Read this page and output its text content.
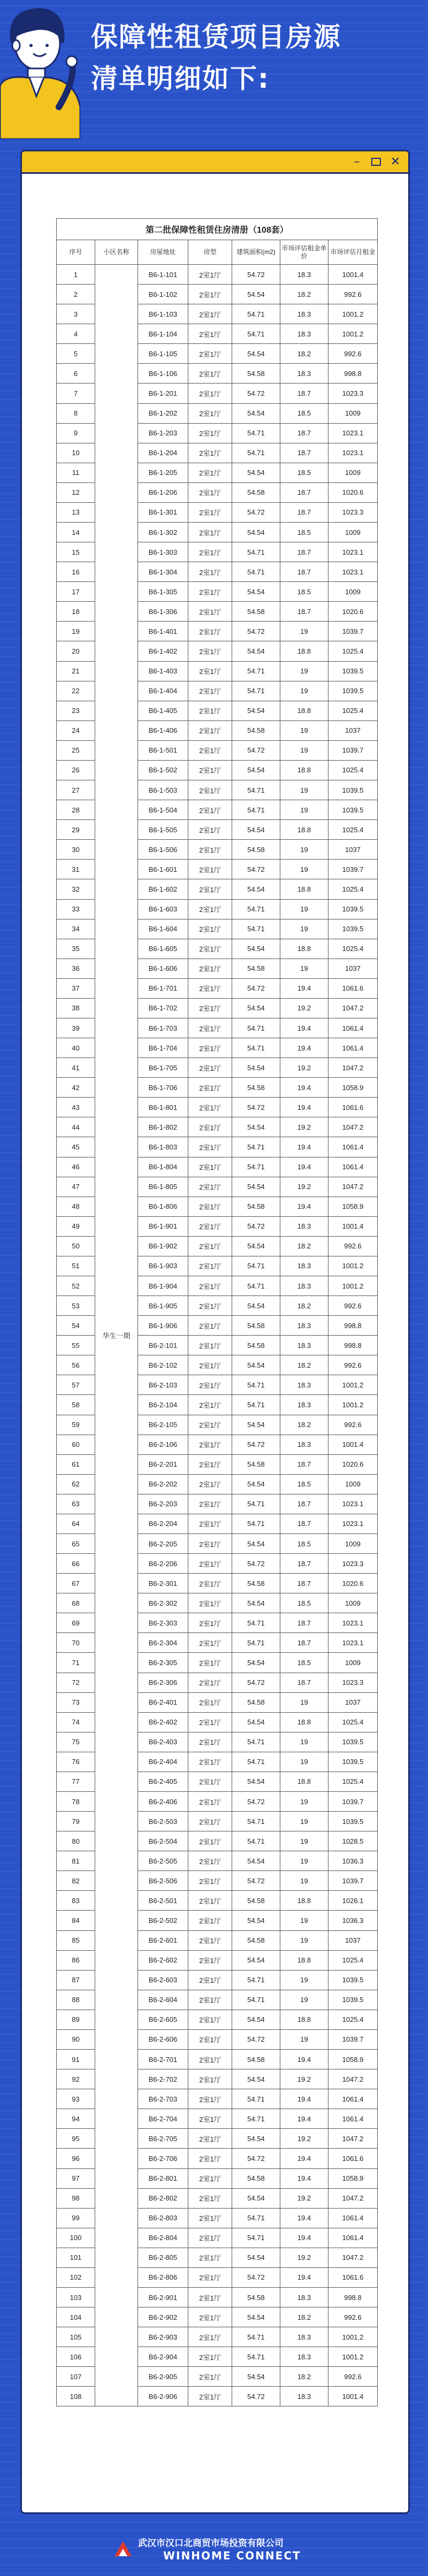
保障性租赁项目房源
清单明细如下:
–	✕
第二批保障性租赁住房清册（108套）						
序号	小区名称	房屋地址	房型	建筑面积(m2)	市场评估租金单价	市场评估月租金
1	华生一期	B6-1-101	2室1厅	54.72	18.3	1001.4
2		B6-1-102	2室1厅	54.54	18.2	992.6
3		B6-1-103	2室1厅	54.71	18.3	1001.2
4		B6-1-104	2室1厅	54.71	18.3	1001.2
5		B6-1-105	2室1厅	54.54	18.2	992.6
6		B6-1-106	2室1厅	54.58	18.3	998.8
7		B6-1-201	2室1厅	54.72	18.7	1023.3
8		B6-1-202	2室1厅	54.54	18.5	1009
9		B6-1-203	2室1厅	54.71	18.7	1023.1
10		B6-1-204	2室1厅	54.71	18.7	1023.1
11		B6-1-205	2室1厅	54.54	18.5	1009
12		B6-1-206	2室1厅	54.58	18.7	1020.6
13		B6-1-301	2室1厅	54.72	18.7	1023.3
14		B6-1-302	2室1厅	54.54	18.5	1009
15		B6-1-303	2室1厅	54.71	18.7	1023.1
16		B6-1-304	2室1厅	54.71	18.7	1023.1
17		B6-1-305	2室1厅	54.54	18.5	1009
18		B6-1-306	2室1厅	54.58	18.7	1020.6
19		B6-1-401	2室1厅	54.72	19	1039.7
20		B6-1-402	2室1厅	54.54	18.8	1025.4
21		B6-1-403	2室1厅	54.71	19	1039.5
22		B6-1-404	2室1厅	54.71	19	1039.5
23		B6-1-405	2室1厅	54.54	18.8	1025.4
24		B6-1-406	2室1厅	54.58	19	1037
25		B6-1-501	2室1厅	54.72	19	1039.7
26		B6-1-502	2室1厅	54.54	18.8	1025.4
27		B6-1-503	2室1厅	54.71	19	1039.5
28		B6-1-504	2室1厅	54.71	19	1039.5
29		B6-1-505	2室1厅	54.54	18.8	1025.4
30		B6-1-506	2室1厅	54.58	19	1037
31		B6-1-601	2室1厅	54.72	19	1039.7
32		B6-1-602	2室1厅	54.54	18.8	1025.4
33		B6-1-603	2室1厅	54.71	19	1039.5
34		B6-1-604	2室1厅	54.71	19	1039.5
35		B6-1-605	2室1厅	54.54	18.8	1025.4
36		B6-1-606	2室1厅	54.58	19	1037
37		B6-1-701	2室1厅	54.72	19.4	1061.6
38		B6-1-702	2室1厅	54.54	19.2	1047.2
39		B6-1-703	2室1厅	54.71	19.4	1061.4
40		B6-1-704	2室1厅	54.71	19.4	1061.4
41		B6-1-705	2室1厅	54.54	19.2	1047.2
42		B6-1-706	2室1厅	54.58	19.4	1058.9
43		B6-1-801	2室1厅	54.72	19.4	1061.6
44		B6-1-802	2室1厅	54.54	19.2	1047.2
45		B6-1-803	2室1厅	54.71	19.4	1061.4
46		B6-1-804	2室1厅	54.71	19.4	1061.4
47		B6-1-805	2室1厅	54.54	19.2	1047.2
48		B6-1-806	2室1厅	54.58	19.4	1058.9
49		B6-1-901	2室1厅	54.72	18.3	1001.4
50		B6-1-902	2室1厅	54.54	18.2	992.6
51		B6-1-903	2室1厅	54.71	18.3	1001.2
52		B6-1-904	2室1厅	54.71	18.3	1001.2
53		B6-1-905	2室1厅	54.54	18.2	992.6
54		B6-1-906	2室1厅	54.58	18.3	998.8
55		B6-2-101	2室1厅	54.58	18.3	998.8
56		B6-2-102	2室1厅	54.54	18.2	992.6
57		B6-2-103	2室1厅	54.71	18.3	1001.2
58		B6-2-104	2室1厅	54.71	18.3	1001.2
59		B6-2-105	2室1厅	54.54	18.2	992.6
60		B6-2-106	2室1厅	54.72	18.3	1001.4
61		B6-2-201	2室1厅	54.58	18.7	1020.6
62		B6-2-202	2室1厅	54.54	18.5	1009
63		B6-2-203	2室1厅	54.71	18.7	1023.1
64		B6-2-204	2室1厅	54.71	18.7	1023.1
65		B6-2-205	2室1厅	54.54	18.5	1009
66		B6-2-206	2室1厅	54.72	18.7	1023.3
67		B6-2-301	2室1厅	54.58	18.7	1020.6
68		B6-2-302	2室1厅	54.54	18.5	1009
69		B6-2-303	2室1厅	54.71	18.7	1023.1
70		B6-2-304	2室1厅	54.71	18.7	1023.1
71		B6-2-305	2室1厅	54.54	18.5	1009
72		B6-2-306	2室1厅	54.72	18.7	1023.3
73		B6-2-401	2室1厅	54.58	19	1037
74		B6-2-402	2室1厅	54.54	18.8	1025.4
75		B6-2-403	2室1厅	54.71	19	1039.5
76		B6-2-404	2室1厅	54.71	19	1039.5
77		B6-2-405	2室1厅	54.54	18.8	1025.4
78		B6-2-406	2室1厅	54.72	19	1039.7
79		B6-2-503	2室1厅	54.71	19	1039.5
80		B6-2-504	2室1厅	54.71	19	1028.5
81		B6-2-505	2室1厅	54.54	19	1036.3
82		B6-2-506	2室1厅	54.72	19	1039.7
83		B6-2-501	2室1厅	54.58	18.8	1026.1
84		B6-2-502	2室1厅	54.54	19	1036.3
85		B6-2-601	2室1厅	54.58	19	1037
86		B6-2-602	2室1厅	54.54	18.8	1025.4
87		B6-2-603	2室1厅	54.71	19	1039.5
88		B6-2-604	2室1厅	54.71	19	1039.5
89		B6-2-605	2室1厅	54.54	18.8	1025.4
90		B6-2-606	2室1厅	54.72	19	1039.7
91		B6-2-701	2室1厅	54.58	19.4	1058.9
92		B6-2-702	2室1厅	54.54	19.2	1047.2
93		B6-2-703	2室1厅	54.71	19.4	1061.4
94		B6-2-704	2室1厅	54.71	19.4	1061.4
95		B6-2-705	2室1厅	54.54	19.2	1047.2
96		B6-2-706	2室1厅	54.72	19.4	1061.6
97		B6-2-801	2室1厅	54.58	19.4	1058.9
98		B6-2-802	2室1厅	54.54	19.2	1047.2
99		B6-2-803	2室1厅	54.71	19.4	1061.4
100		B6-2-804	2室1厅	54.71	19.4	1061.4
101		B6-2-805	2室1厅	54.54	19.2	1047.2
102		B6-2-806	2室1厅	54.72	19.4	1061.6
103		B6-2-901	2室1厅	54.58	18.3	998.8
104		B6-2-902	2室1厅	54.54	18.2	992.6
105		B6-2-903	2室1厅	54.71	18.3	1001.2
106		B6-2-904	2室1厅	54.71	18.3	1001.2
107		B6-2-905	2室1厅	54.54	18.2	992.6
108		B6-2-906	2室1厅	54.72	18.3	1001.4
武汉市汉口北商贸市场投资有限公司
WINHOME CONNECT
